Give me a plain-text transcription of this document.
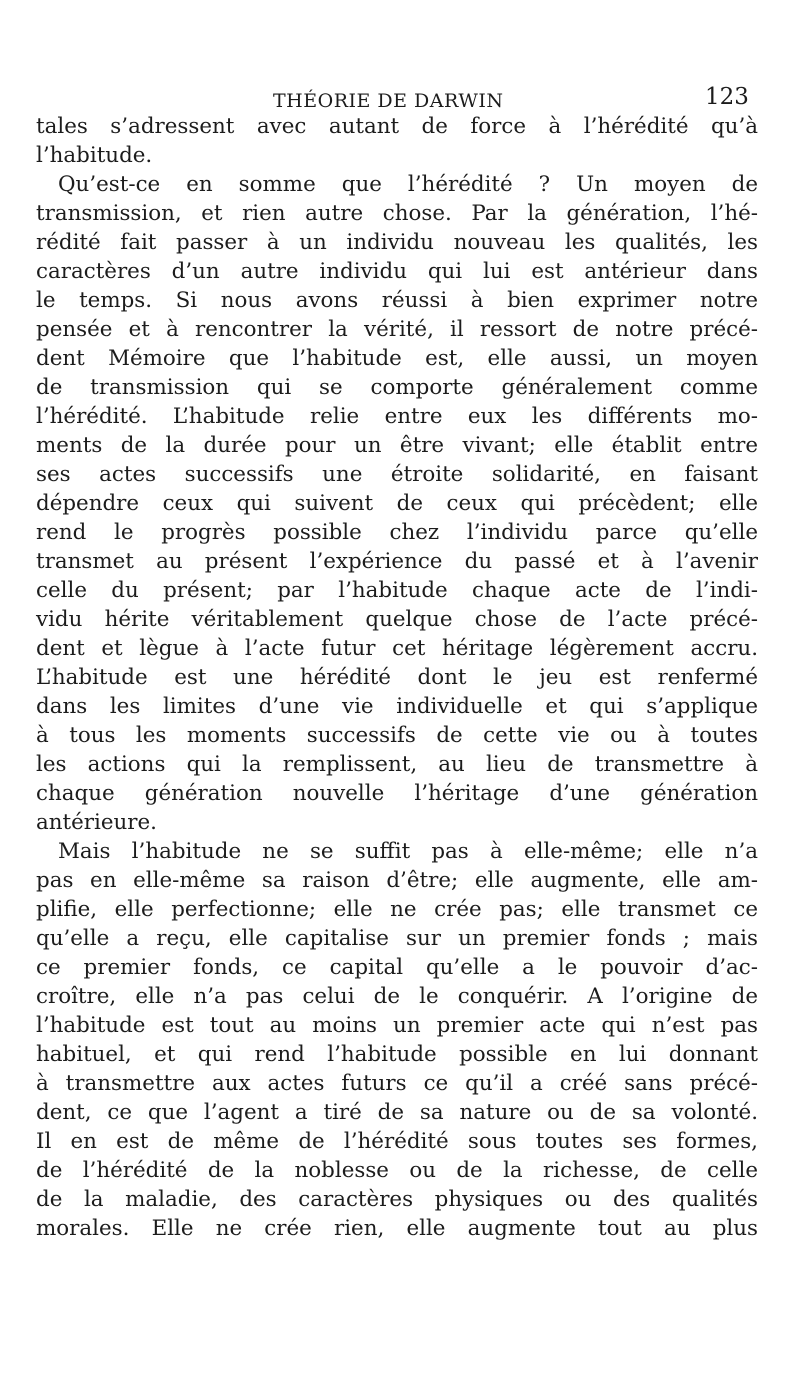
THÉORIE DE DARWIN	123
tales s’adressent avec autant de force à l’hérédité qu’à
l’habitude.
Qu’est-ce en somme que l’hérédité ? Un moyen de
transmission, et rien autre chose. Par la génération, l’hé-
rédité fait passer à un individu nouveau les qualités, les
caractères d’un autre individu qui lui est antérieur dans
le temps. Si nous avons réussi à bien exprimer notre
pensée et à rencontrer la vérité, il ressort de notre précé-
dent Mémoire que l’habitude est, elle aussi, un moyen
de transmission qui se comporte généralement comme
l’hérédité. L’habitude relie entre eux les différents mo-
ments de la durée pour un être vivant; elle établit entre
ses actes successifs une étroite solidarité, en faisant
dépendre ceux qui suivent de ceux qui précèdent; elle
rend le progrès possible chez l’individu parce qu’elle
transmet au présent l’expérience du passé et à l’avenir
celle du présent; par l’habitude chaque acte de l’indi-
vidu hérite véritablement quelque chose de l’acte précé-
dent et lègue à l’acte futur cet héritage légèrement accru.
L’habitude est une hérédité dont le jeu est renfermé
dans les limites d’une vie individuelle et qui s’applique
à tous les moments successifs de cette vie ou à toutes
les actions qui la remplissent, au lieu de transmettre à
chaque génération nouvelle l’héritage d’une génération
antérieure.
Mais l’habitude ne se suffit pas à elle-même; elle n’a
pas en elle-même sa raison d’être; elle augmente, elle am-
plifie, elle perfectionne; elle ne crée pas; elle transmet ce
qu’elle a reçu, elle capitalise sur un premier fonds ; mais
ce premier fonds, ce capital qu’elle a le pouvoir d’ac-
croître, elle n’a pas celui de le conquérir. A l’origine de
l’habitude est tout au moins un premier acte qui n’est pas
habituel, et qui rend l’habitude possible en lui donnant
à transmettre aux actes futurs ce qu’il a créé sans précé-
dent, ce que l’agent a tiré de sa nature ou de sa volonté.
Il en est de même de l’hérédité sous toutes ses formes,
de l’hérédité de la noblesse ou de la richesse, de celle
de la maladie, des caractères physiques ou des qualités
morales. Elle ne crée rien, elle augmente tout au plus
